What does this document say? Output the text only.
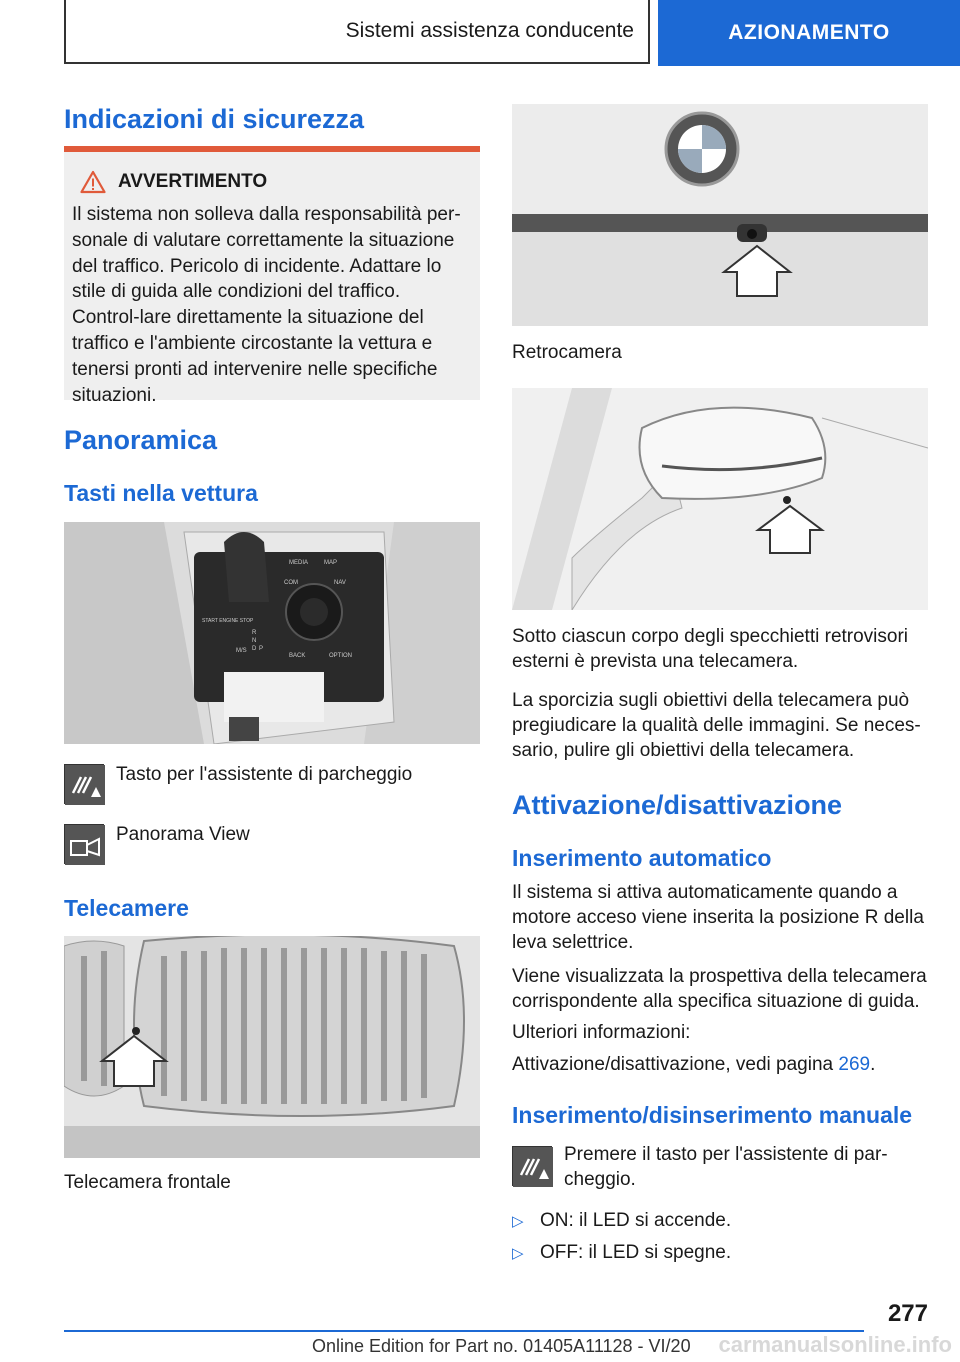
Sistemi assistenza conducente	AZIONAMENTO
Indicazioni di sicurezza
AVVERTIMENTO
Il sistema non solleva dalla responsabilità per-sonale di valutare correttamente la situazione del traffico. Pericolo di incidente. Adattare lo stile di guida alle condizioni del traffico. Control-lare direttamente la situazione del traffico e l'ambiente circostante la vettura e tenersi pronti ad intervenire nelle specifiche situazioni.
Panoramica
Tasti nella vettura
MEDIA	MAP
COM	NAV
BACK	OPTION
START ENGINE STOP
M/S
R
N
D P

Tasto per l'assistente di parcheggio

Panorama View

Telecamere

Telecamera frontale

Retrocamera

Sotto ciascun corpo degli specchietti retrovisori esterni è prevista una telecamera.

La sporcizia sugli obiettivi della telecamera può pregiudicare la qualità delle immagini. Se neces-sario, pulire gli obiettivi della telecamera.

Attivazione/disattivazione
Inserimento automatico

Il sistema si attiva automaticamente quando a motore acceso viene inserita la posizione R della leva selettrice.

Viene visualizzata la prospettiva della telecamera corrispondente alla specifica situazione di guida.

Ulteriori informazioni:

Attivazione/disattivazione, vedi pagina 269.

Inserimento/disinserimento manuale

Premere il tasto per l'assistente di par-cheggio.

▷ ON: il LED si accende.
▷ OFF: il LED si spegne.
277
Online Edition for Part no. 01405A11128 - VI/20 carmanualsonline.info
